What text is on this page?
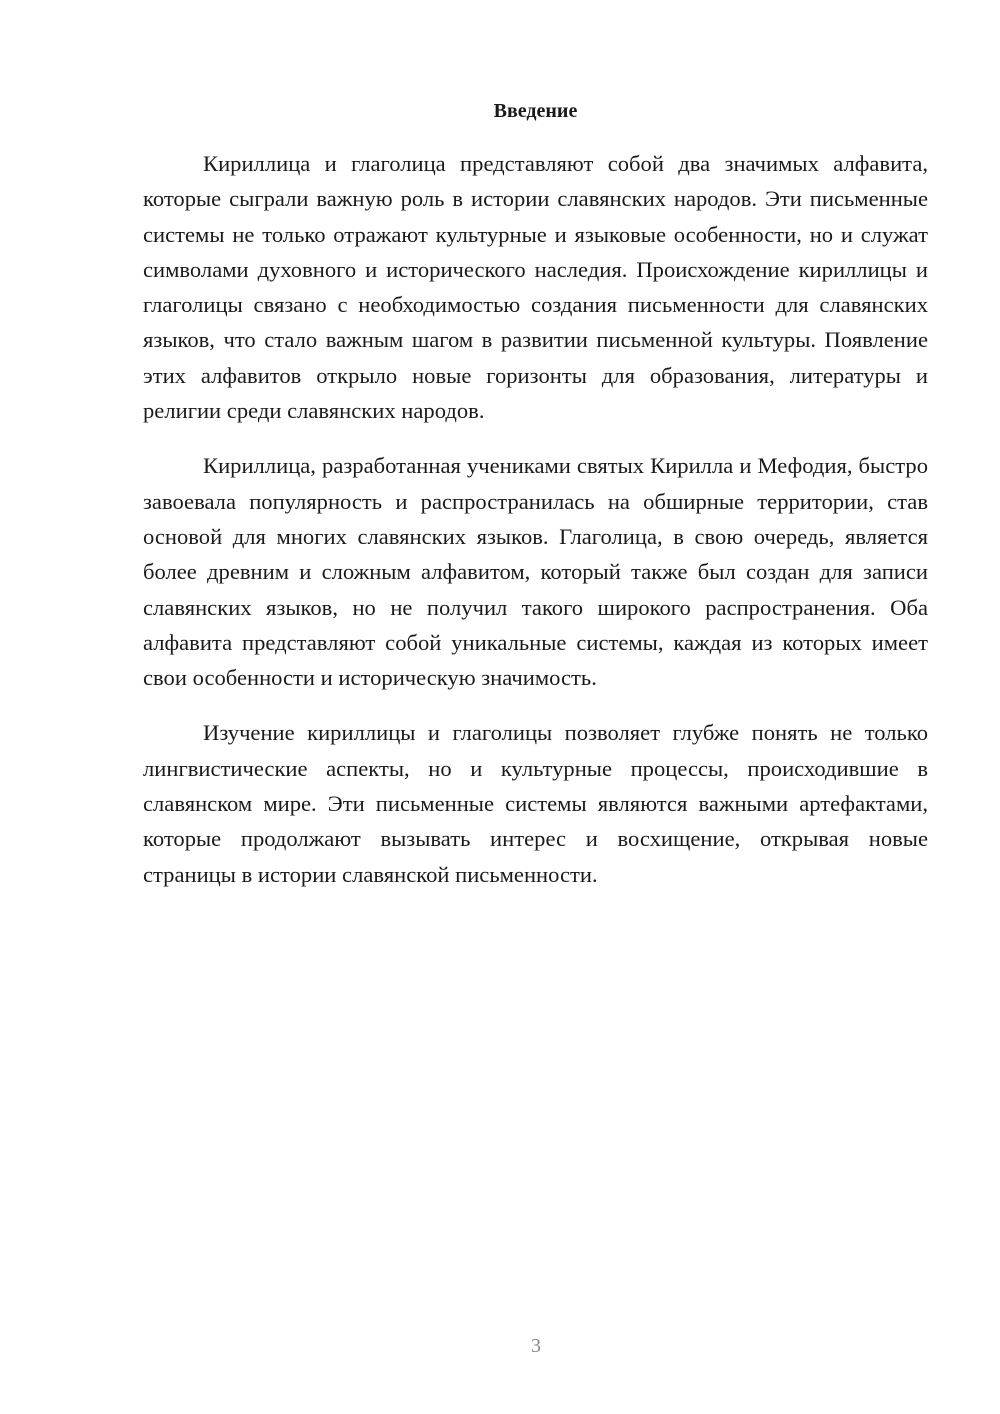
Введение

Кириллица и глаголица представляют собой два значимых алфавита, которые сыграли важную роль в истории славянских народов. Эти письменные системы не только отражают культурные и языковые особенности, но и служат символами духовного и исторического наследия. Происхождение кириллицы и глаголицы связано с необходимостью создания письменности для славянских языков, что стало важным шагом в развитии письменной культуры. Появление этих алфавитов открыло новые горизонты для образования, литературы и религии среди славянских народов.

Кириллица, разработанная учениками святых Кирилла и Мефодия, быстро завоевала популярность и распространилась на обширные территории, став основой для многих славянских языков. Глаголица, в свою очередь, является более древним и сложным алфавитом, который также был создан для записи славянских языков, но не получил такого широкого распространения. Оба алфавита представляют собой уникальные системы, каждая из которых имеет свои особенности и историческую значимость.

Изучение кириллицы и глаголицы позволяет глубже понять не только лингвистические аспекты, но и культурные процессы, происходившие в славянском мире. Эти письменные системы являются важными артефактами, которые продолжают вызывать интерес и восхищение, открывая новые страницы в истории славянской письменности.

3
